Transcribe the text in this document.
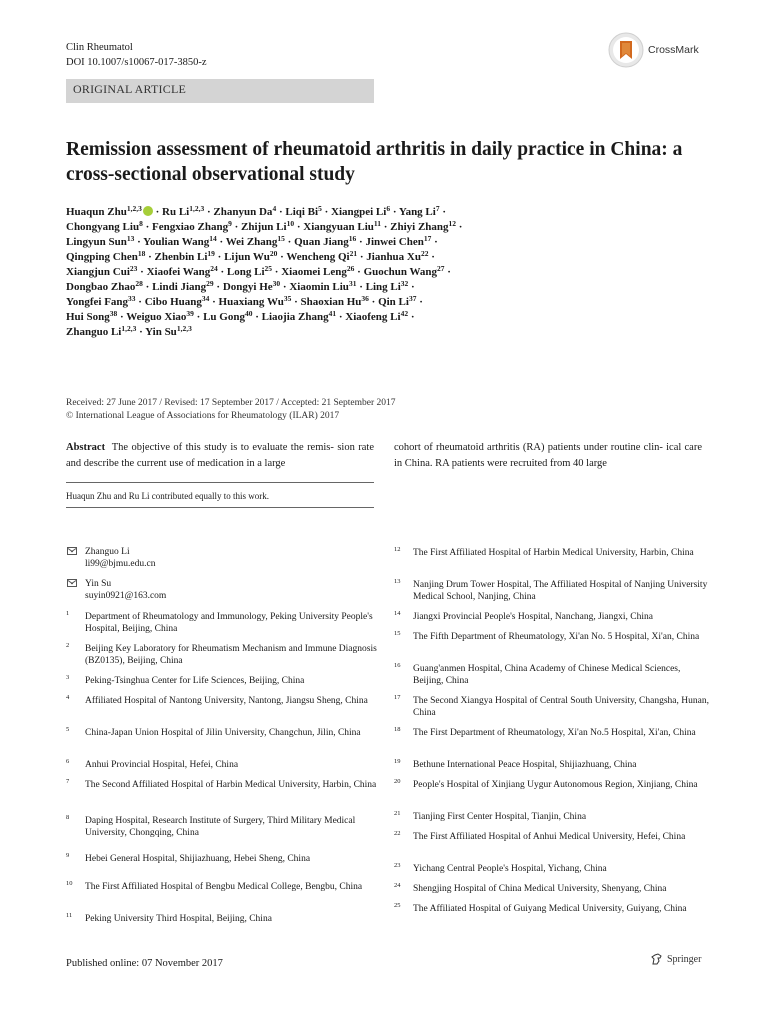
Clin Rheumatol
DOI 10.1007/s10067-017-3850-z
CrossMark
ORIGINAL ARTICLE
Remission assessment of rheumatoid arthritis in daily practice in China: a cross-sectional observational study
Huaqun Zhu$^{1,2,3}$ · Ru Li$^{1,2,3}$ · Zhanyun $Da^4$ · Liqi $Bi^5$ · Xiangpei $Li^6$ · Yang $Li^7$ ·
Chongyang Liu$^8$ · Fengxiao Zhang$^9$ · Zhijun $Li^{10}$ · Xiangyuan Liu$^{11}$ · Zhiyi Zhang$^{12}$ ·
Lingyun Sun$^{13}$ · Youlian Wang$^{14}$ · Wei Zhang$^{15}$ · Quan Jiang$^{16}$ · Jinwei Chen$^{17}$ ·
Qingping Chen$^{18}$ · Zhenbin $Li^{19}$ · Lijun $Wu^{20}$ · Wencheng $Qi^{21}$ · Jianhua $Xu^{22}$ ·
Xiangjun Cui$^{23}$ · Xiaofei Wang$^{24}$ · Long $Li^{25}$ · Xiaomei Leng$^{26}$ · Guochun Wang$^{27}$ ·
Dongbao Zhao$^{28}$ · Lindi Jiang$^{29}$ · Dongyi $He^{30}$ · Xiaomin Liu$^{31}$ · Ling $Li^{32}$ ·
Yongfei Fang$^{33}$ · Cibo Huang$^{34}$ · Huaxiang $Wu^{35}$ · Shaoxian $Hu^{36}$ · Qin $Li^{37}$ ·
Hui Song$^{38}$ · Weiguo Xiao$^{39}$ · Lu Gong$^{40}$ · Liaojia Zhang$^{41}$ · Xiaofeng $Li^{42}$ ·
Zhanguo Li$^{1,2,3}$ · Yin Su$^{1,2,3}$
Received: 27 June 2017 / Revised: 17 September 2017 / Accepted: 21 September 2017
© International League of Associations for Rheumatology (ILAR) 2017
Abstract The objective of this study is to evaluate the remis- sion rate and describe the current use of medication in a large
cohort of rheumatoid arthritis (RA) patients under routine clin- ical care in China. RA patients were recruited from 40 large
Huaqun Zhu and Ru Li contributed equally to this work.
Zhanguo Li
li99@bjmu.edu.cn
Yin Su
suyin0921@163.com
1 Department of Rheumatology and Immunology, Peking University People's Hospital, Beijing, China
2 Beijing Key Laboratory for Rheumatism Mechanism and Immune Diagnosis (BZ0135), Beijing, China
3 Peking-Tsinghua Center for Life Sciences, Beijing, China
4 Affiliated Hospital of Nantong University, Nantong, Jiangsu Sheng, China
5 China-Japan Union Hospital of Jilin University, Changchun, Jilin, China
6 Anhui Provincial Hospital, Hefei, China
7 The Second Affiliated Hospital of Harbin Medical University, Harbin, China
8 Daping Hospital, Research Institute of Surgery, Third Military Medical University, Chongqing, China
9 Hebei General Hospital, Shijiazhuang, Hebei Sheng, China
10 The First Affiliated Hospital of Bengbu Medical College, Bengbu, China
11 Peking University Third Hospital, Beijing, China
12 The First Affiliated Hospital of Harbin Medical University, Harbin, China
13 Nanjing Drum Tower Hospital, The Affiliated Hospital of Nanjing University Medical School, Nanjing, China
14 Jiangxi Provincial People's Hospital, Nanchang, Jiangxi, China
15 The Fifth Department of Rheumatology, Xi'an No. 5 Hospital, Xi'an, China
16 Guang'anmen Hospital, China Academy of Chinese Medical Sciences, Beijing, China
17 The Second Xiangya Hospital of Central South University, Changsha, Hunan, China
18 The First Department of Rheumatology, Xi'an No.5 Hospital, Xi'an, China
19 Bethune International Peace Hospital, Shijiazhuang, China
20 People's Hospital of Xinjiang Uygur Autonomous Region, Xinjiang, China
21 Tianjing First Center Hospital, Tianjin, China
22 The First Affiliated Hospital of Anhui Medical University, Hefei, China
23 Yichang Central People's Hospital, Yichang, China
24 Shengjing Hospital of China Medical University, Shenyang, China
25 The Affiliated Hospital of Guiyang Medical University, Guiyang, China
Published online: 07 November 2017	Springer
